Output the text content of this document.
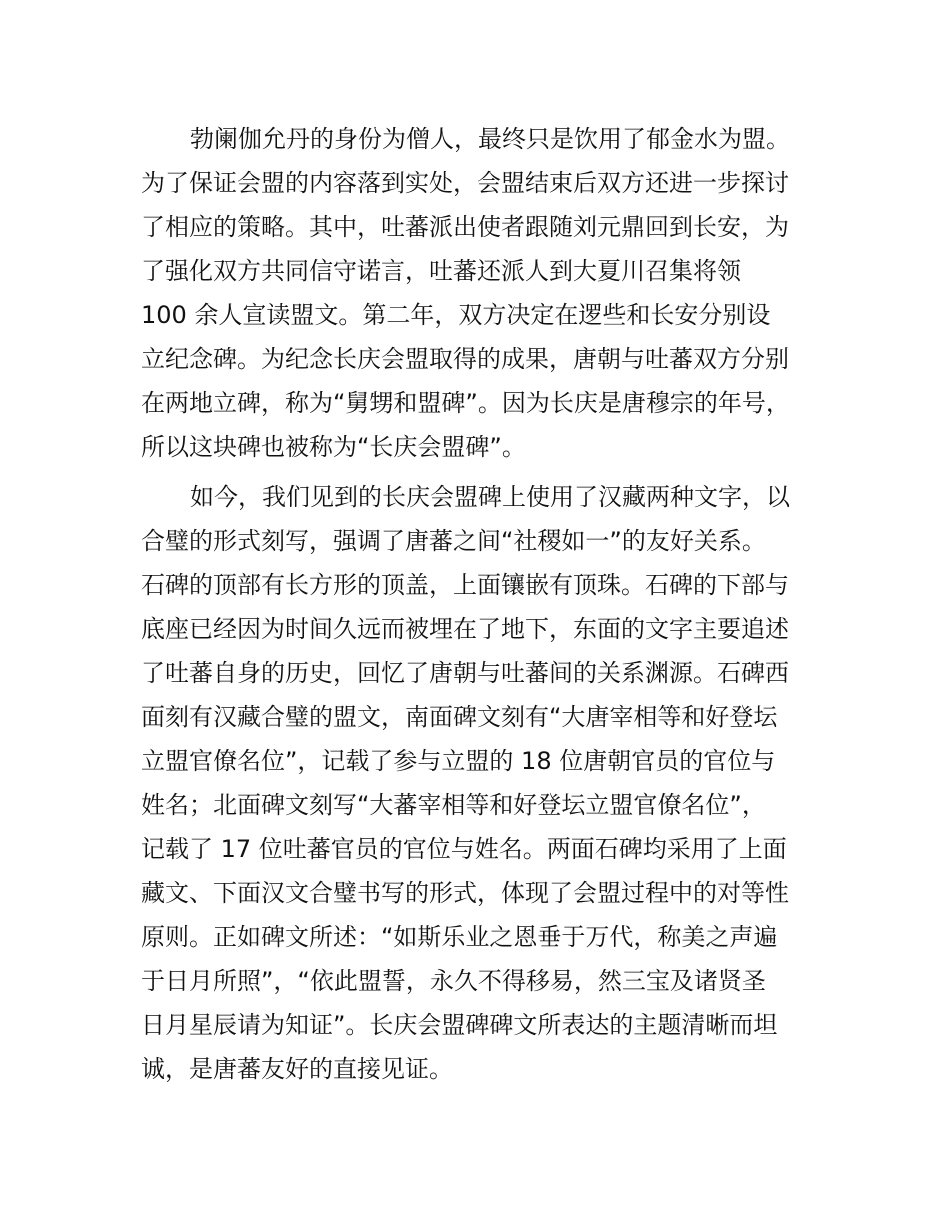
勃阑伽允丹的身份为僧人，最终只是饮用了郁金水为盟。
为了保证会盟的内容落到实处，会盟结束后双方还进一步探讨
了相应的策略。其中，吐蕃派出使者跟随刘元鼎回到长安，为
了强化双方共同信守诺言，吐蕃还派人到大夏川召集将领
100 余人宣读盟文。第二年，双方决定在逻些和长安分别设
立纪念碑。为纪念长庆会盟取得的成果，唐朝与吐蕃双方分别
在两地立碑，称为“舅甥和盟碑”。因为长庆是唐穆宗的年号，
所以这块碑也被称为“长庆会盟碑”。
如今，我们见到的长庆会盟碑上使用了汉藏两种文字，以
合璧的形式刻写，强调了唐蕃之间“社稷如一”的友好关系。
石碑的顶部有长方形的顶盖，上面镶嵌有顶珠。石碑的下部与
底座已经因为时间久远而被埋在了地下，东面的文字主要追述
了吐蕃自身的历史，回忆了唐朝与吐蕃间的关系渊源。石碑西
面刻有汉藏合璧的盟文，南面碑文刻有“大唐宰相等和好登坛
立盟官僚名位”，记载了参与立盟的 18 位唐朝官员的官位与
姓名；北面碑文刻写“大蕃宰相等和好登坛立盟官僚名位”，
记载了 17 位吐蕃官员的官位与姓名。两面石碑均采用了上面
藏文、下面汉文合璧书写的形式，体现了会盟过程中的对等性
原则。正如碑文所述：“如斯乐业之恩垂于万代，称美之声遍
于日月所照”，“依此盟誓，永久不得移易，然三宝及诸贤圣
日月星辰请为知证”。长庆会盟碑碑文所表达的主题清晰而坦
诚，是唐蕃友好的直接见证。
